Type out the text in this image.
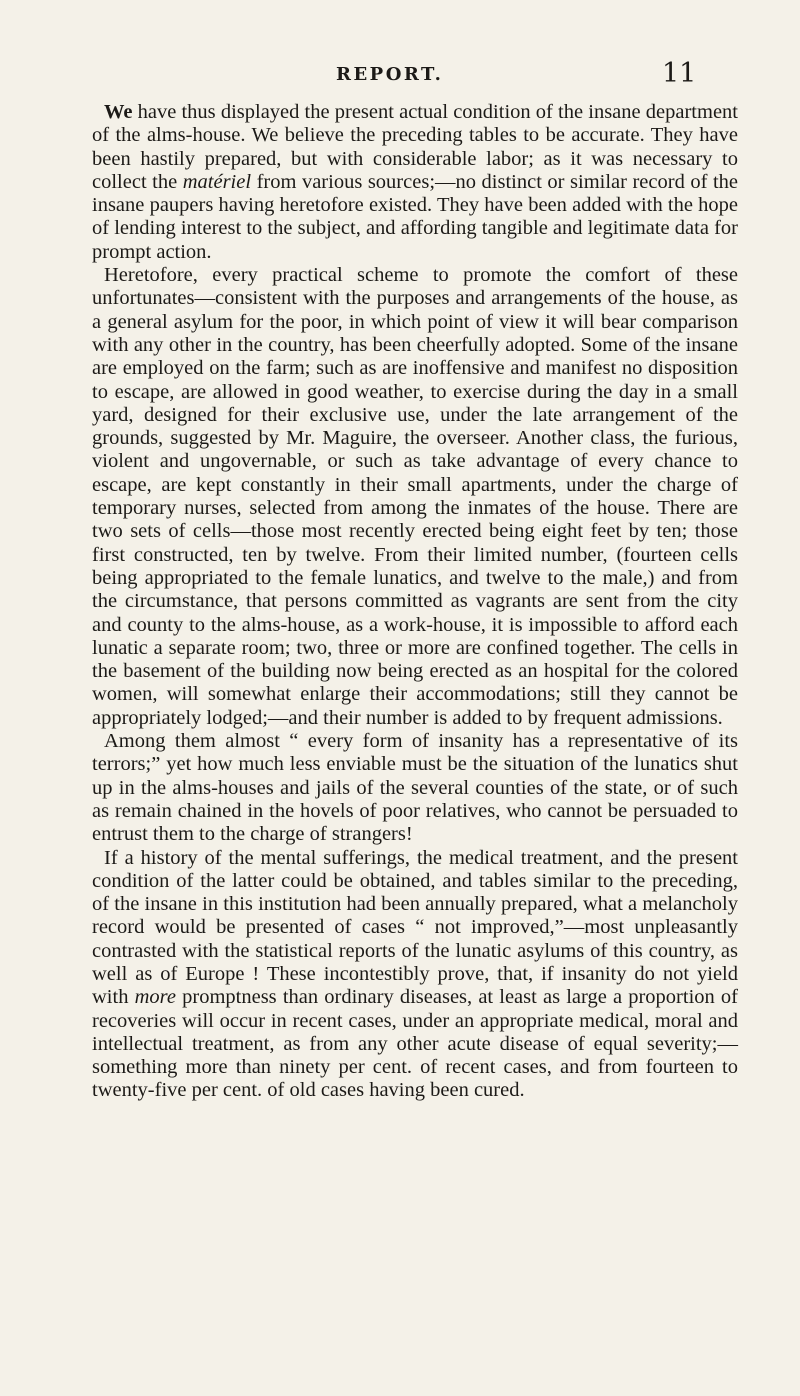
REPORT.	11

We have thus displayed the present actual condition of the insane department of the alms-house. We believe the preceding tables to be accurate. They have been hastily prepared, but with considerable labor; as it was necessary to collect the matériel from various sources;—no distinct or similar record of the insane paupers having heretofore existed. They have been added with the hope of lending interest to the subject, and affording tangible and legitimate data for prompt action.

Heretofore, every practical scheme to promote the comfort of these unfortunates—consistent with the purposes and arrangements of the house, as a general asylum for the poor, in which point of view it will bear comparison with any other in the country, has been cheerfully adopted. Some of the insane are employed on the farm; such as are inoffensive and manifest no disposition to escape, are allowed in good weather, to exercise during the day in a small yard, designed for their exclusive use, under the late arrangement of the grounds, suggested by Mr. Maguire, the overseer. Another class, the furious, violent and ungovernable, or such as take advantage of every chance to escape, are kept constantly in their small apartments, under the charge of temporary nurses, selected from among the inmates of the house. There are two sets of cells—those most recently erected being eight feet by ten; those first constructed, ten by twelve. From their limited number, (fourteen cells being appropriated to the female lunatics, and twelve to the male,) and from the circumstance, that persons committed as vagrants are sent from the city and county to the alms-house, as a work-house, it is impossible to afford each lunatic a separate room; two, three or more are confined together. The cells in the basement of the building now being erected as an hospital for the colored women, will somewhat enlarge their accommodations; still they cannot be appropriately lodged;—and their number is added to by frequent admissions.

Among them almost “ every form of insanity has a representative of its terrors;” yet how much less enviable must be the situation of the lunatics shut up in the alms-houses and jails of the several counties of the state, or of such as remain chained in the hovels of poor relatives, who cannot be persuaded to entrust them to the charge of strangers!

If a history of the mental sufferings, the medical treatment, and the present condition of the latter could be obtained, and tables similar to the preceding, of the insane in this institution had been annually prepared, what a melancholy record would be presented of cases “ not improved,”—most unpleasantly contrasted with the statistical reports of the lunatic asylums of this country, as well as of Europe ! These incontestibly prove, that, if insanity do not yield with more promptness than ordinary diseases, at least as large a proportion of recoveries will occur in recent cases, under an appropriate medical, moral and intellectual treatment, as from any other acute disease of equal severity;—something more than ninety per cent. of recent cases, and from fourteen to twenty-five per cent. of old cases having been cured.
